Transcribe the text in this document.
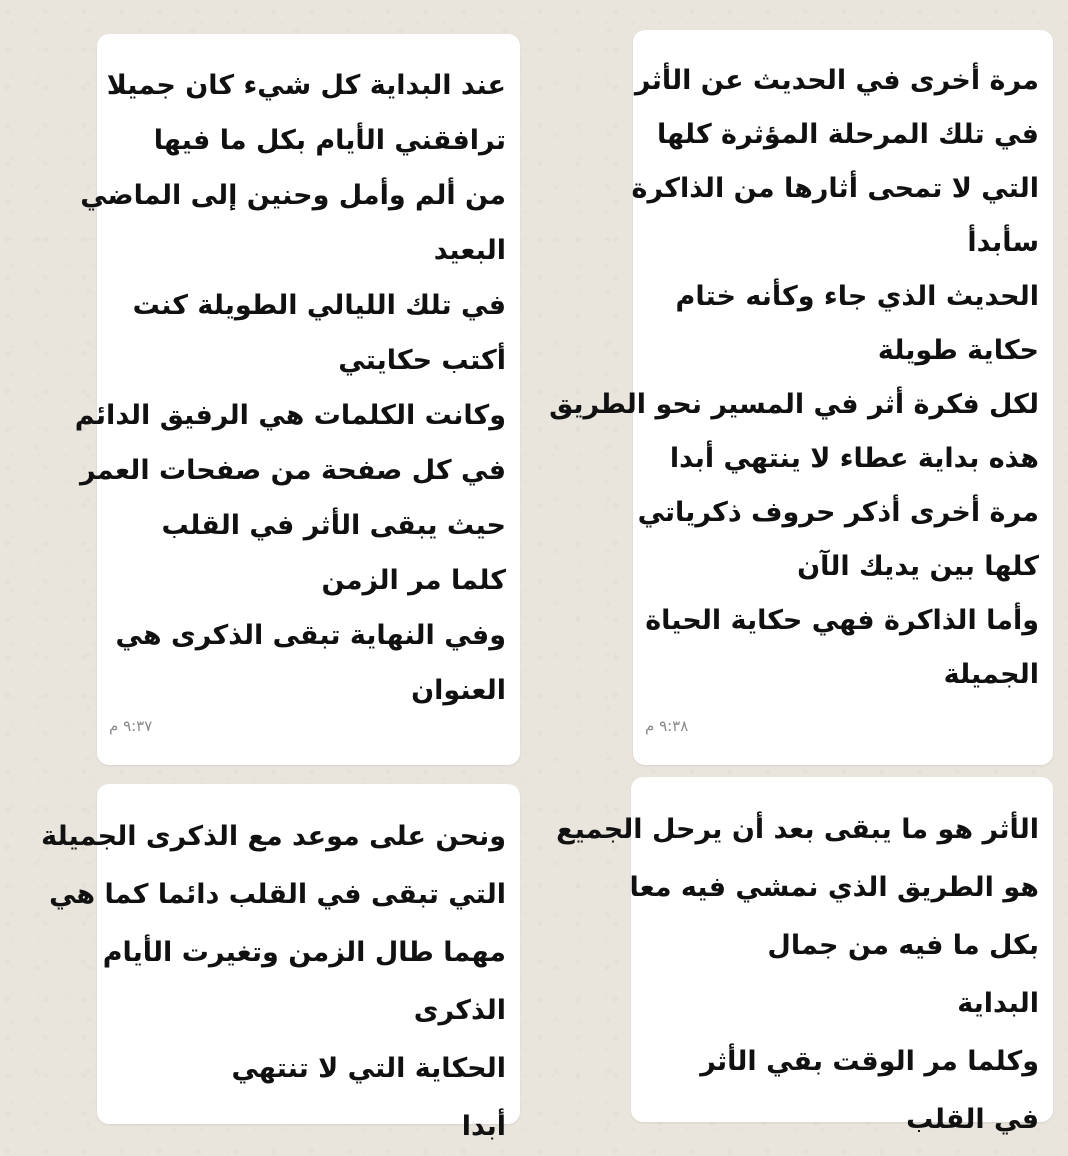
مرة أخرى في الحديث عن الأثر
في تلك المرحلة المؤثرة كلها
التي لا تمحى أثارها من الذاكرة
سأبدأ
الحديث الذي جاء وكأنه ختام
حكاية طويلة
لكل فكرة أثر في المسير نحو الطريق
هذه بداية عطاء لا ينتهي أبدا
مرة أخرى أذكر حروف ذكرياتي
كلها بين يديك الآن
وأما الذاكرة فهي حكاية الحياة
الجميلة
٩:٣٨ م
عند البداية كل شيء كان جميلا
ترافقني الأيام بكل ما فيها
من ألم وأمل وحنين إلى الماضي
البعيد
في تلك الليالي الطويلة كنت
أكتب حكايتي
وكانت الكلمات هي الرفيق الدائم
في كل صفحة من صفحات العمر
حيث يبقى الأثر في القلب
كلما مر الزمن
وفي النهاية تبقى الذكرى هي
العنوان
٩:٣٧ م
الأثر هو ما يبقى بعد أن يرحل الجميع
هو الطريق الذي نمشي فيه معا
بكل ما فيه من جمال
البداية
وكلما مر الوقت بقي الأثر
في القلب
ونحن على موعد مع الذكرى الجميلة
التي تبقى في القلب دائما كما هي
مهما طال الزمن وتغيرت الأيام
الذكرى
الحكاية التي لا تنتهي
أبدا
